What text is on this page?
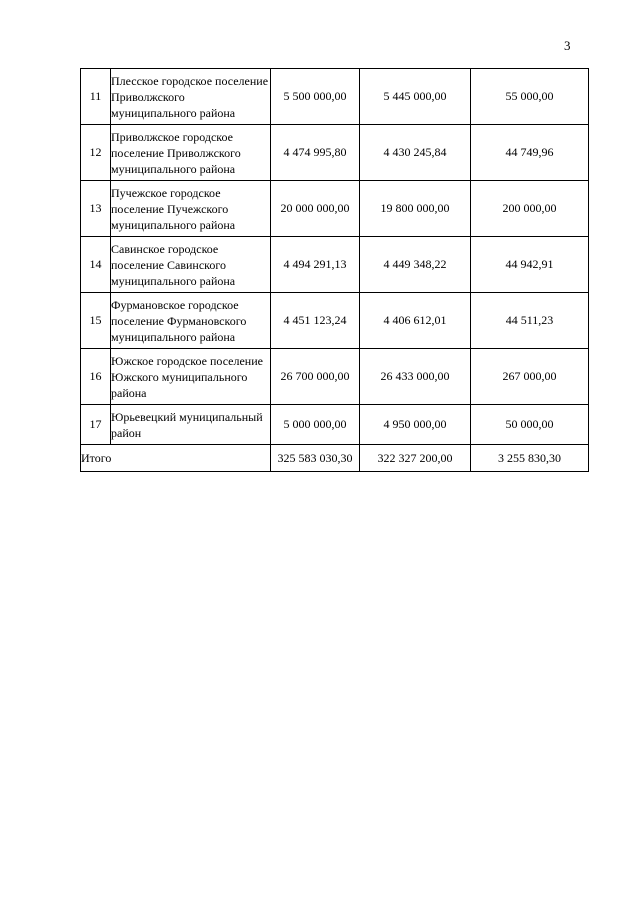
3
11	Плесское городское поселение Приволжского муниципального района	5 500 000,00	5 445 000,00	55 000,00
12	Приволжское городское поселение Приволжского муниципального района	4 474 995,80	4 430 245,84	44 749,96
13	Пучежское городское поселение Пучежского муниципального района	20 000 000,00	19 800 000,00	200 000,00
14	Савинское городское поселение Савинского муниципального района	4 494 291,13	4 449 348,22	44 942,91
15	Фурмановское городское поселение Фурмановского муниципального района	4 451 123,24	4 406 612,01	44 511,23
16	Южское городское поселение Южского муниципального района	26 700 000,00	26 433 000,00	267 000,00
17	Юрьевецкий муниципальный район	5 000 000,00	4 950 000,00	50 000,00
Итого		325 583 030,30	322 327 200,00	3 255 830,30
